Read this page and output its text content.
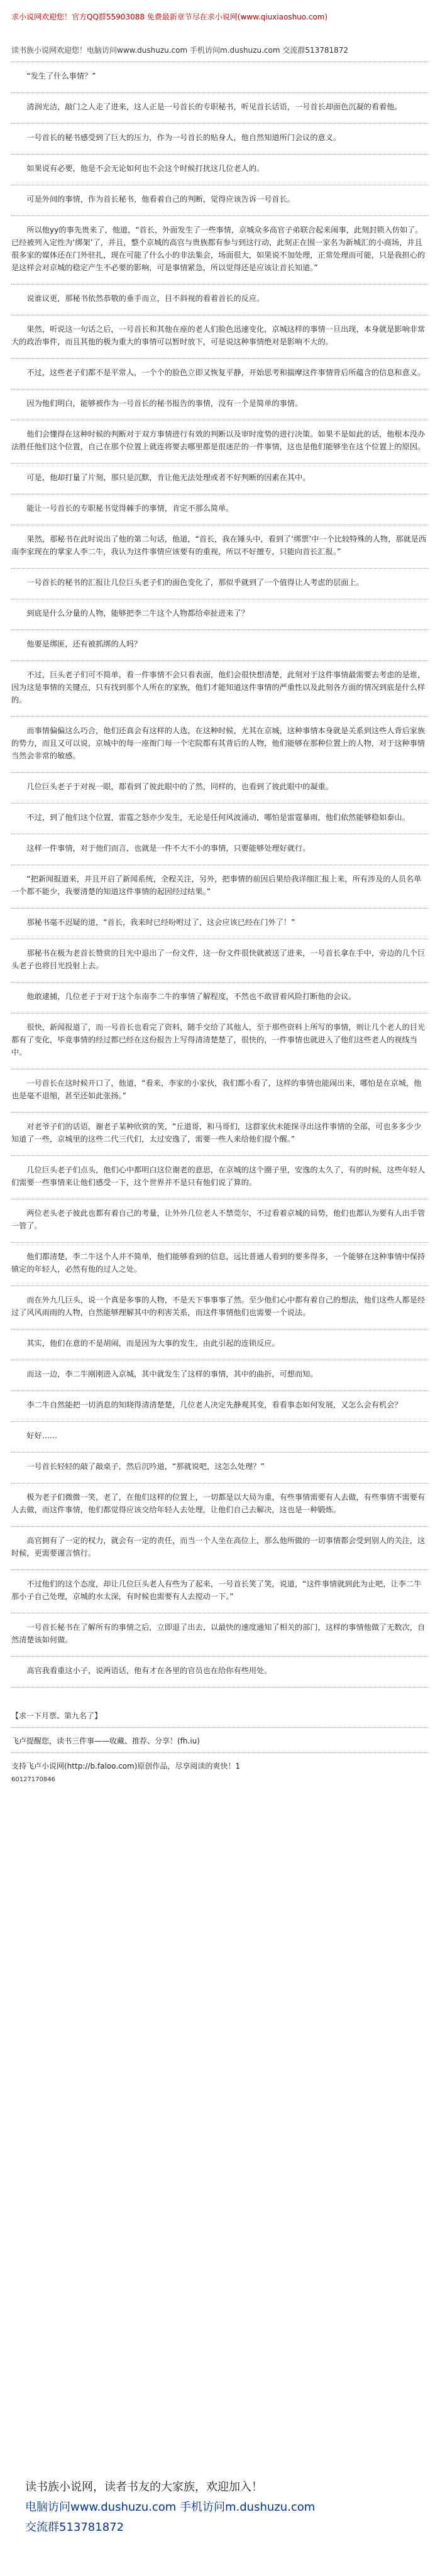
求小说网欢迎您！官方QQ群55903088 免费最新章节尽在求小说网(www.qiuxiaoshuo.com)
读书族小说网欢迎您！电脑访问www.dushuzu.com 手机访问m.dushuzu.com 交流群513781872

“发生了什么事情？”

清润光洁，敲门之人走了进来，这人正是一号首长的专职秘书，听见首长话语，一号首长却面色沉凝的看着他。

一号首长的秘书感受到了巨大的压力，作为一号首长的贴身人，他自然知道所门会议的意义。

如果说有必要，他是不会无论如何也不会这个时候打扰这几位老人的。

可是外间的事情，作为首长秘书，他看着自己的判断，觉得应该告诉一号首长。

所以他yy的事先贵来了，他道，“首长，外面发生了一些事情，京城众多高官子弟联合起来闹事，此刻封锁入仿如了。已经被列入定性为‘绑架’了，并且，整个京城的高官与贵族都有参与到这行动，此刻正在围一家名为新城汇的小商场，并且很多家的媒体还在门外驻扎，现在可能了什么小的非法集会，场面很大，如果说不加处理，正常处理而可能，只是我担心的是这样会对京城的稳定产生不必要的影响，可是事情紧急，所以觉得还是应该让首长知道。”

说谁议更，那秘书依然恭敬的垂手而立，目不斜视的看着首长的反应。

果然，听说这一句话之后，一号首长和其他在座的老人们脸色迅速变化，京城这样的事情一旦出现，本身就是影响非常大的政治事件，而且其他的极为重大的事情可以暂时放下，可是说这种事情绝对是影响不大的。

不过，这些老子们都不是平常人，一个个的脸色立即又恢复平静，开始思考和揣摩这件事情背后所蕴含的信息和意义。

因为他们明白，能够被作为一号首长的秘书报告的事情，没有一个是简单的事情。

他们会懂得在这种时候的判断对于双方事情进行有效的判断以及审时度势的进行决策。如果不是如此的话，他根本没办法胜任他们这个位置，自己在那个位置上就连将要去哪里都是很迷茫的一件事情，这也是他们能够坐在这个位置上的原因。

可是，他却打量了片刻，那只是沉默，肯让他无法处理或者不好判断的因素在其中。

能让一号首长的专职秘书觉得棘手的事情，肯定不那么简单。

果然，那秘书在此时说出了他的第二句话，他道，“首长，我在锤头中，看到了‘绑票’中一个比较特殊的人物，那就是西南李家现在的掌家人李二牛，我认为这件事情应该要有的重视，所以不好擅专，只能向首长汇报。”

一号首长的秘书的汇报让几位巨头老子们的面色变化了，那似乎就到了一个值得让人考虑的层面上。

到底是什么分量的人物，能够把李二牛这个人物都给牵扯进来了？

他要是绑匪，还有被抓绑的人吗？

不过，巨头老子们可不简单，看一件事情不会只看表面，他们会很快想清楚，此刻对于这件事情最需要去考虑的是谁，因为这是事情的关键点，只有找到那个人所在的家族，他们才能知道这件事情的严重性以及此刻各方面的情况到底是什么样的。

而事情偏偏这么巧合，他们还真会有这样的人选，在这种时候，尤其在京城，这种事情本身就是关系到这些人背后家族的势力，而且又可以说，京城中的每一座衙门每一个宅院都有其背后的人物，他们能够在那种位置上的人物，对于这种事情当然会非常的敏感。

几位巨头老子于对视一眼，都看到了彼此眼中的了然，同样的，也看到了彼此眼中的凝重。

不过，到了他们这个位置，雷霆之怒亦少发生，无论是任何风波涌动，哪怕是雷霆暴雨，他们依然能够稳如泰山。

这样一件事情，对于他们而言，也就是一件不大不小的事情，只要能够处理好就行。

“把新闻报道来，并且开启了新闻系统，全程关注，另外，把事情的前因后果给我详细汇报上来，所有涉及的人员名单一个都不能少，我要清楚的知道这件事情的起因经过结果。”

那秘书毫不迟疑的道，“首长，我来时已经吩咐过了，这会应该已经在门外了！”

那秘书在极为老首长赞赏的目光中退出了一份文件，这一份文件很快就被送了进来，一号首长拿在手中，旁边的几个巨头老子也将目光投射上去。

他敢逮捕，几位老子于对于这个东南李二牛的事情了解程度，不然也不敢冒着风险打断他的会议。

很快，新闻报道了，而一号首长也看完了资料，随手交给了其他人，至于那些资料上所写的事情，则让几个老人的目光都有了变化，毕竟事情的经过都已经在这份报告上写得清清楚楚了，很快的，一件事情也就进入了他们这些老人的视线当中。

一号首长在这时候开口了，他道，“看来，李家的小家伙，我们都小看了，这样的事情也能闹出来，哪怕是在京城，他也是毫不退缩，甚至还如此张扬。”

对老爷子们的话语，谢老子某种欣赏的笑，“丘道哥，和马哥们，这群家伙未能探寻出这件事情的全部，可也多多少少知道了一些，京城里的这些二代三代们，太过安逸了，需要一些人来给他们提个醒。”

几位巨头老子们点头，他们心中都明白这位谢老的意思，在京城的这个圈子里，安逸的太久了，有的时候，这些年轻人们需要一些事情来让他们感受一下，这个世界并不是只有他们说了算的。

两位老头老子彼此也都有着自己的考量，让外外几位老人不禁莞尔，不过看着京城的局势，他们也都认为要有人出手管一管了。

他们都清楚，李二牛这个人并不简单，他们能够看到的信息，远比普通人看到的要多得多，一个能够在这种事情中保持镇定的年轻人，必然有他的过人之处。

而在外九几巨头，说一个真是多事的人物，不是天下事事事了然。至少他们心中都有着自己的想法，他们这些人都是经过了风风雨雨的人物，自然能够理解其中的利害关系，而这件事情他们也需要一个说法。

其实，他们在意的不是胡闹，而是因为大事的发生，由此引起的连锁反应。

而这一边，李二牛刚刚进入京城，其中就发生了这样的事情，其中的曲折，可想而知。

李二牛自然能把一切消息的知晓得清清楚楚，几位老人决定先静观其变，看看事态如何发展，又怎么会有机会？

好好……

一号首长轻轻的敲了敲桌子，然后沉吟道，“那就说吧，这怎么处理？”

极为老子们微微一笑，老了，在他们这样的位置上，一切都是以大局为重，有些事情需要有人去做，有些事情不需要有人去做，而这件事情，他们都觉得应该交给年轻人去处理，让他们自己去解决，这也是一种锻炼。

高官拥有了一定的权力，就会有一定的责任，而当一个人坐在高位上，那么他所做的一切事情都会受到别人的关注，这时候，更需要谨言慎行。

不过他们的这个态度，却让几位巨头老人有些为了起来，一号首长笑了笑，说道，“这件事情就到此为止吧，让李二牛那小子自己处理，京城的水太深，有时候也需要有人去搅动一下。”

一号首长秘书在了解所有的事情之后，立即退了出去，以最快的速度通知了相关的部门，这样的事情他做了无数次，自然清楚该如何做。

高官我看重这小子，说两语话，他有才在各里的官员也在给你有些用处。

【求一下月票、第九名了】
飞卢提醒您，读书三件事——收藏、推荐、分享！(fh.iu)
支持飞卢小说网(http://b.faloo.com)原创作品，尽享阅读的爽快！1
60127170846
读书族小说网，读者书友的大家族，欢迎加入！
电脑访问www.dushuzu.com 手机访问m.dushuzu.com
交流群513781872
